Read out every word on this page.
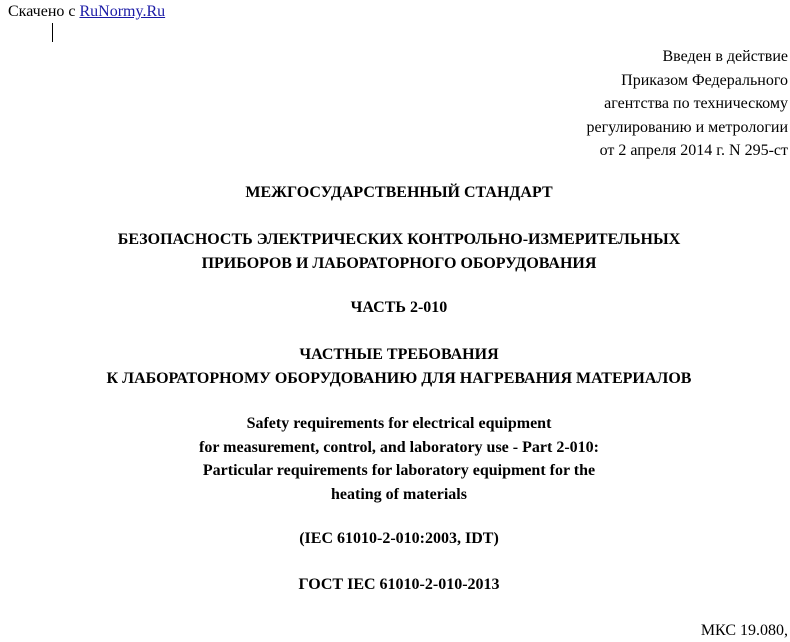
Скачено с RuNormy.Ru
Введен в действие
Приказом Федерального
агентства по техническому
регулированию и метрологии
от 2 апреля 2014 г. N 295-ст
МЕЖГОСУДАРСТВЕННЫЙ СТАНДАРТ
БЕЗОПАСНОСТЬ ЭЛЕКТРИЧЕСКИХ КОНТРОЛЬНО-ИЗМЕРИТЕЛЬНЫХ
ПРИБОРОВ И ЛАБОРАТОРНОГО ОБОРУДОВАНИЯ
ЧАСТЬ 2-010
ЧАСТНЫЕ ТРЕБОВАНИЯ
К ЛАБОРАТОРНОМУ ОБОРУДОВАНИЮ ДЛЯ НАГРЕВАНИЯ МАТЕРИАЛОВ
Safety requirements for electrical equipment
for measurement, control, and laboratory use - Part 2-010:
Particular requirements for laboratory equipment for the
heating of materials
(IEC 61010-2-010:2003, IDT)
ГОСТ IEC 61010-2-010-2013
МКС 19.080,
